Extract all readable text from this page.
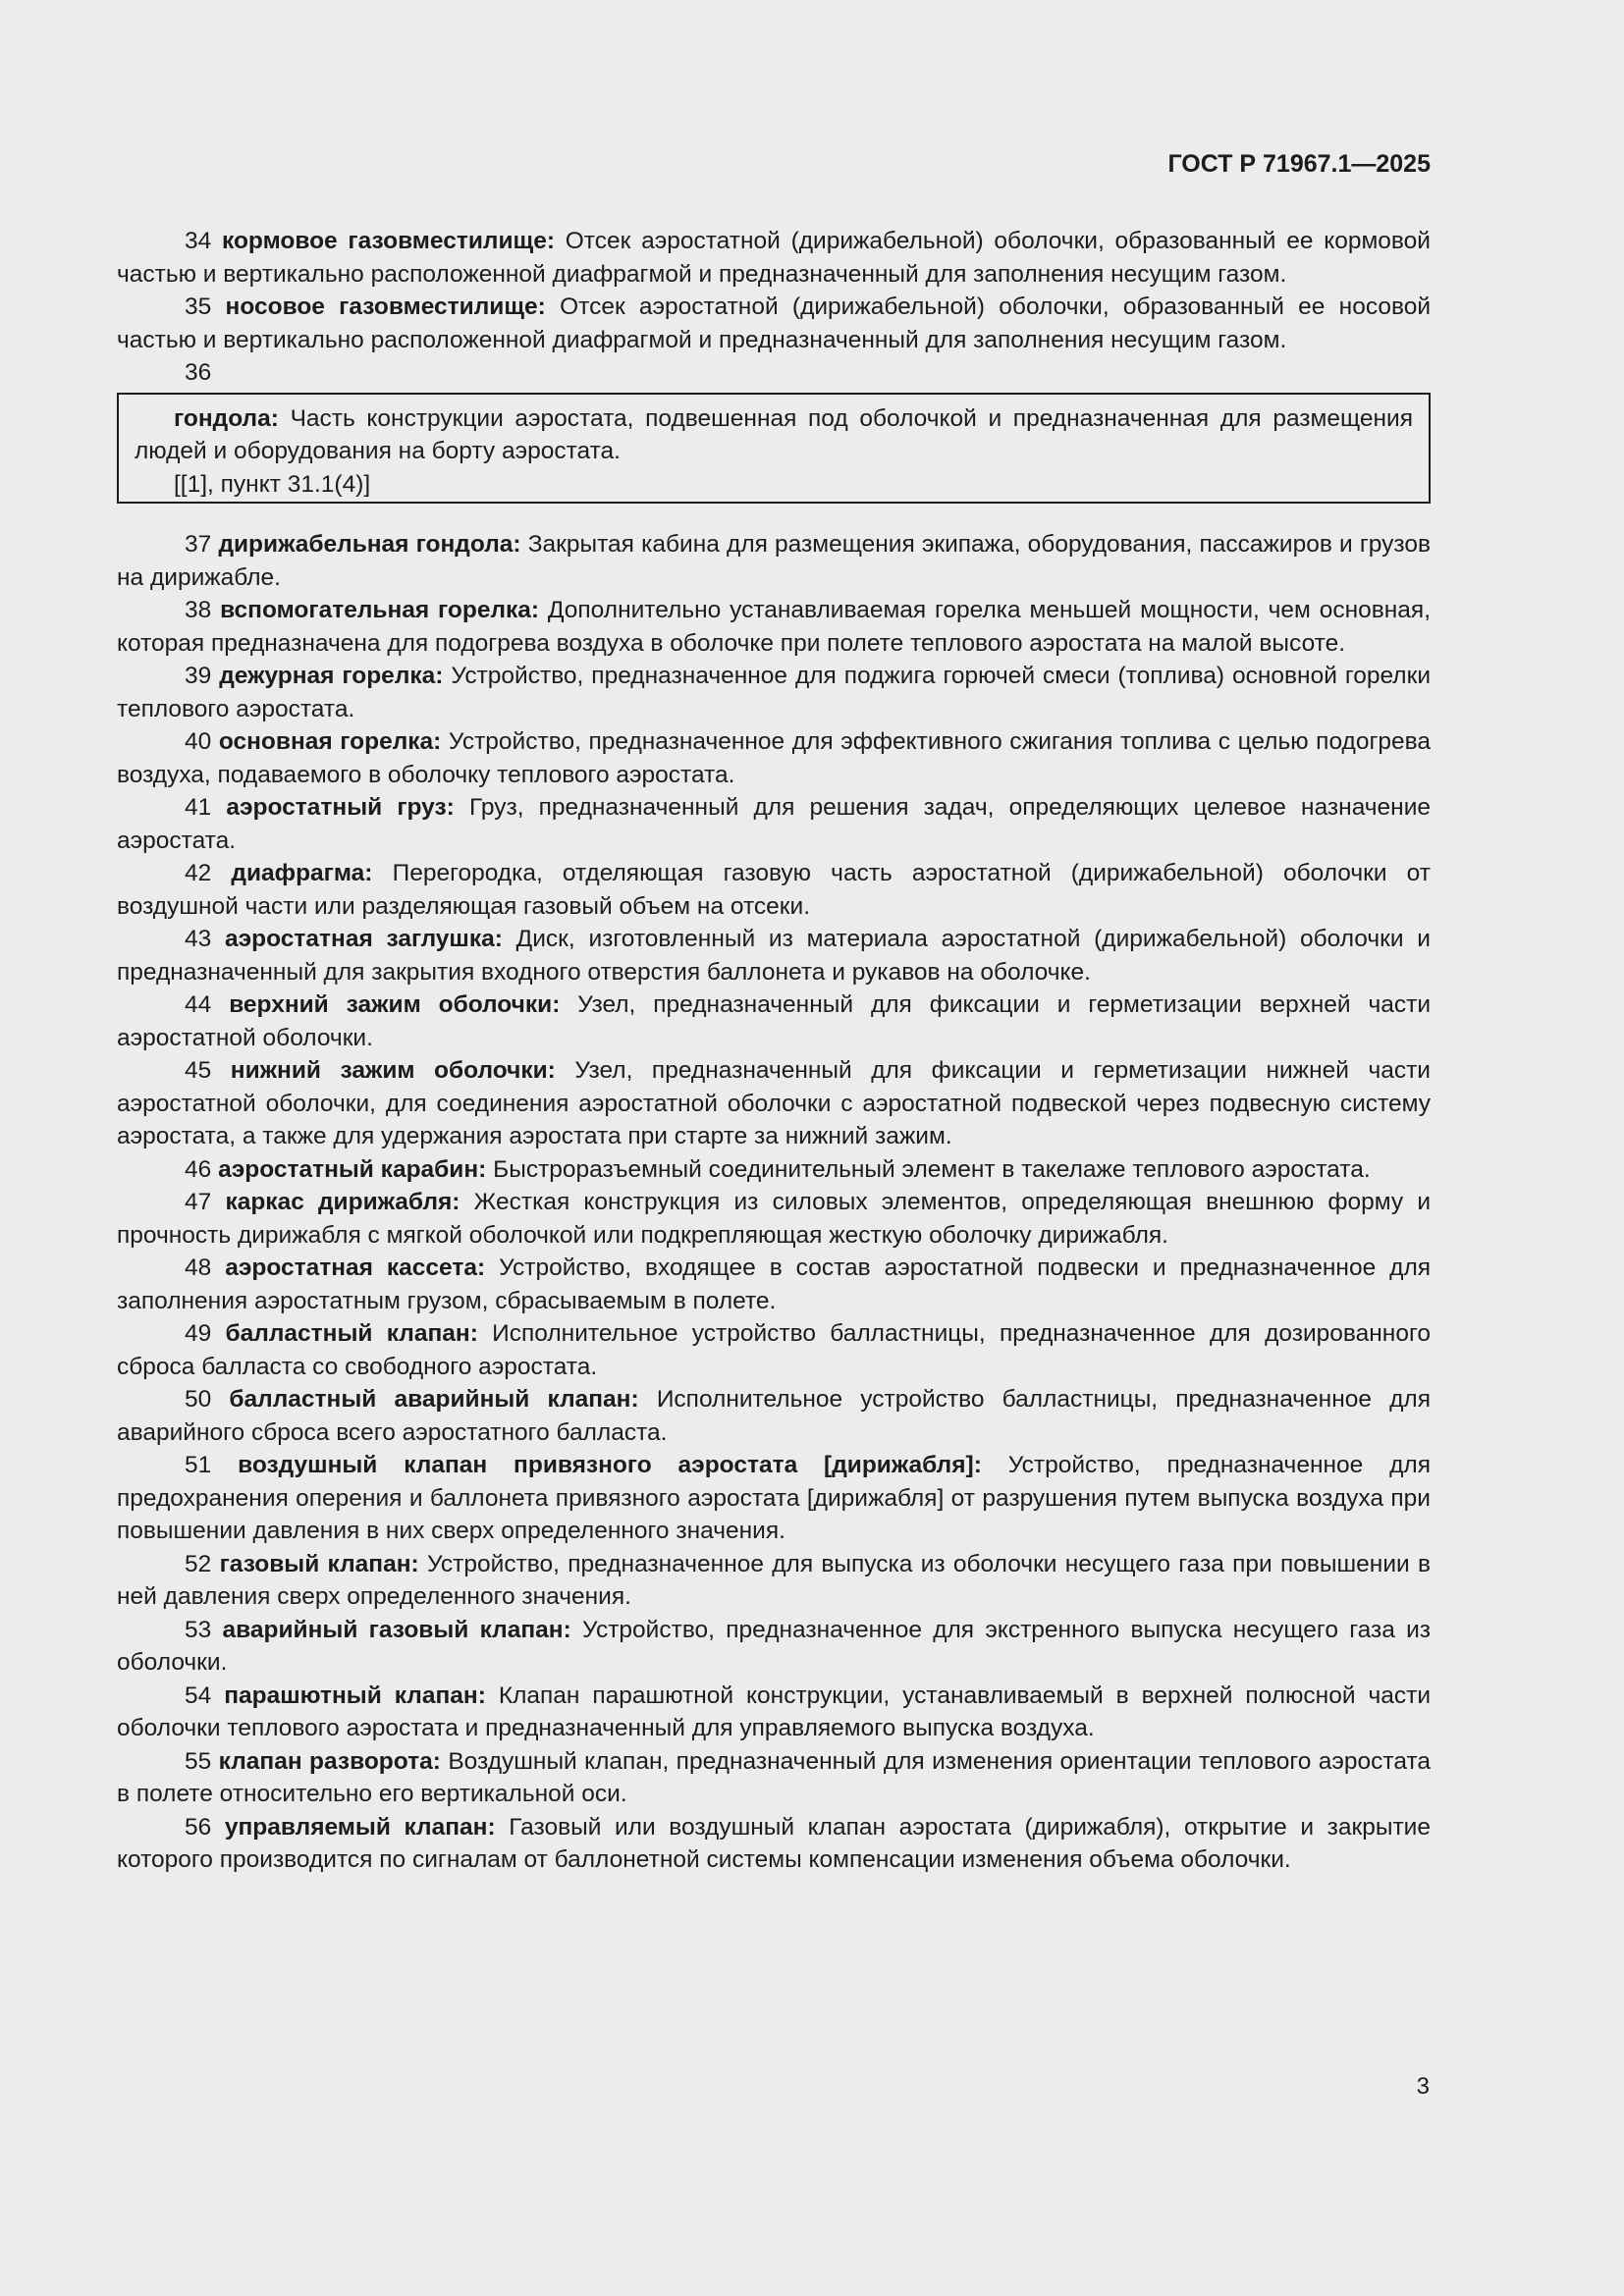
ГОСТ Р 71967.1—2025

34 кормовое газовместилище: Отсек аэростатной (дирижабельной) оболочки, образованный ее кормовой частью и вертикально расположенной диафрагмой и предназначенный для заполнения несущим газом.

35 носовое газовместилище: Отсек аэростатной (дирижабельной) оболочки, образованный ее носовой частью и вертикально расположенной диафрагмой и предназначенный для заполнения несущим газом.

36

гондола: Часть конструкции аэростата, подвешенная под оболочкой и предназначенная для размещения людей и оборудования на борту аэростата.

[[1], пункт 31.1(4)]

37 дирижабельная гондола: Закрытая кабина для размещения экипажа, оборудования, пассажиров и грузов на дирижабле.

38 вспомогательная горелка: Дополнительно устанавливаемая горелка меньшей мощности, чем основная, которая предназначена для подогрева воздуха в оболочке при полете теплового аэростата на малой высоте.

39 дежурная горелка: Устройство, предназначенное для поджига горючей смеси (топлива) основной горелки теплового аэростата.

40 основная горелка: Устройство, предназначенное для эффективного сжигания топлива с целью подогрева воздуха, подаваемого в оболочку теплового аэростата.

41 аэростатный груз: Груз, предназначенный для решения задач, определяющих целевое назначение аэростата.

42 диафрагма: Перегородка, отделяющая газовую часть аэростатной (дирижабельной) оболочки от воздушной части или разделяющая газовый объем на отсеки.

43 аэростатная заглушка: Диск, изготовленный из материала аэростатной (дирижабельной) оболочки и предназначенный для закрытия входного отверстия баллонета и рукавов на оболочке.

44 верхний зажим оболочки: Узел, предназначенный для фиксации и герметизации верхней части аэростатной оболочки.

45 нижний зажим оболочки: Узел, предназначенный для фиксации и герметизации нижней части аэростатной оболочки, для соединения аэростатной оболочки с аэростатной подвеской через подвесную систему аэростата, а также для удержания аэростата при старте за нижний зажим.

46 аэростатный карабин: Быстроразъемный соединительный элемент в такелаже теплового аэростата.

47 каркас дирижабля: Жесткая конструкция из силовых элементов, определяющая внешнюю форму и прочность дирижабля с мягкой оболочкой или подкрепляющая жесткую оболочку дирижабля.

48 аэростатная кассета: Устройство, входящее в состав аэростатной подвески и предназначенное для заполнения аэростатным грузом, сбрасываемым в полете.

49 балластный клапан: Исполнительное устройство балластницы, предназначенное для дозированного сброса балласта со свободного аэростата.

50 балластный аварийный клапан: Исполнительное устройство балластницы, предназначенное для аварийного сброса всего аэростатного балласта.

51 воздушный клапан привязного аэростата [дирижабля]: Устройство, предназначенное для предохранения оперения и баллонета привязного аэростата [дирижабля] от разрушения путем выпуска воздуха при повышении давления в них сверх определенного значения.

52 газовый клапан: Устройство, предназначенное для выпуска из оболочки несущего газа при повышении в ней давления сверх определенного значения.

53 аварийный газовый клапан: Устройство, предназначенное для экстренного выпуска несущего газа из оболочки.

54 парашютный клапан: Клапан парашютной конструкции, устанавливаемый в верхней полюсной части оболочки теплового аэростата и предназначенный для управляемого выпуска воздуха.

55 клапан разворота: Воздушный клапан, предназначенный для изменения ориентации теплового аэростата в полете относительно его вертикальной оси.

56 управляемый клапан: Газовый или воздушный клапан аэростата (дирижабля), открытие и закрытие которого производится по сигналам от баллонетной системы компенсации изменения объема оболочки.

3
